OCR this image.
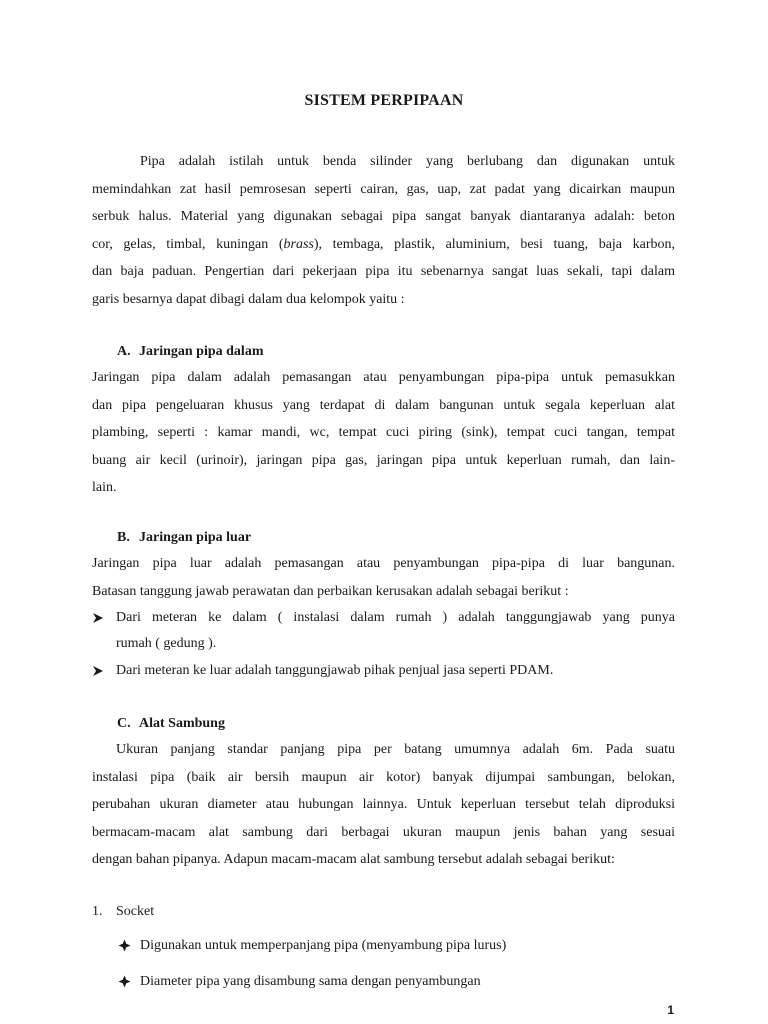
SISTEM PERPIPAAN
Pipa adalah istilah untuk benda silinder yang berlubang dan digunakan untuk
memindahkan zat hasil pemrosesan seperti cairan, gas, uap, zat padat yang dicairkan maupun
serbuk halus. Material yang digunakan sebagai pipa sangat banyak diantaranya adalah: beton
cor, gelas, timbal, kuningan (brass), tembaga, plastik, aluminium, besi tuang, baja karbon,
dan baja paduan. Pengertian dari pekerjaan pipa itu sebenarnya sangat luas sekali, tapi dalam
garis besarnya dapat dibagi dalam dua kelompok yaitu :
A. Jaringan pipa dalam
Jaringan pipa dalam adalah pemasangan atau penyambungan pipa-pipa untuk pemasukkan
dan pipa pengeluaran khusus yang terdapat di dalam bangunan untuk segala keperluan alat
plambing, seperti : kamar mandi, wc, tempat cuci piring (sink), tempat cuci tangan, tempat
buang air kecil (urinoir), jaringan pipa gas, jaringan pipa untuk keperluan rumah, dan lain-
lain.
B. Jaringan pipa luar
Jaringan pipa luar adalah pemasangan atau penyambungan pipa-pipa di luar bangunan.
Batasan tanggung jawab perawatan dan perbaikan kerusakan adalah sebagai berikut :
Dari meteran ke dalam ( instalasi dalam rumah ) adalah tanggungjawab yang punya
rumah ( gedung ).
Dari meteran ke luar adalah tanggungjawab pihak penjual jasa seperti PDAM.
C. Alat Sambung
Ukuran panjang standar panjang pipa per batang umumnya adalah 6m. Pada suatu
instalasi pipa (baik air bersih maupun air kotor) banyak dijumpai sambungan, belokan,
perubahan ukuran diameter atau hubungan lainnya. Untuk keperluan tersebut telah diproduksi
bermacam-macam alat sambung dari berbagai ukuran maupun jenis bahan yang sesuai
dengan bahan pipanya. Adapun macam-macam alat sambung tersebut adalah sebagai berikut:
1. Socket
Digunakan untuk memperpanjang pipa (menyambung pipa lurus)
Diameter pipa yang disambung sama dengan penyambungan
1
